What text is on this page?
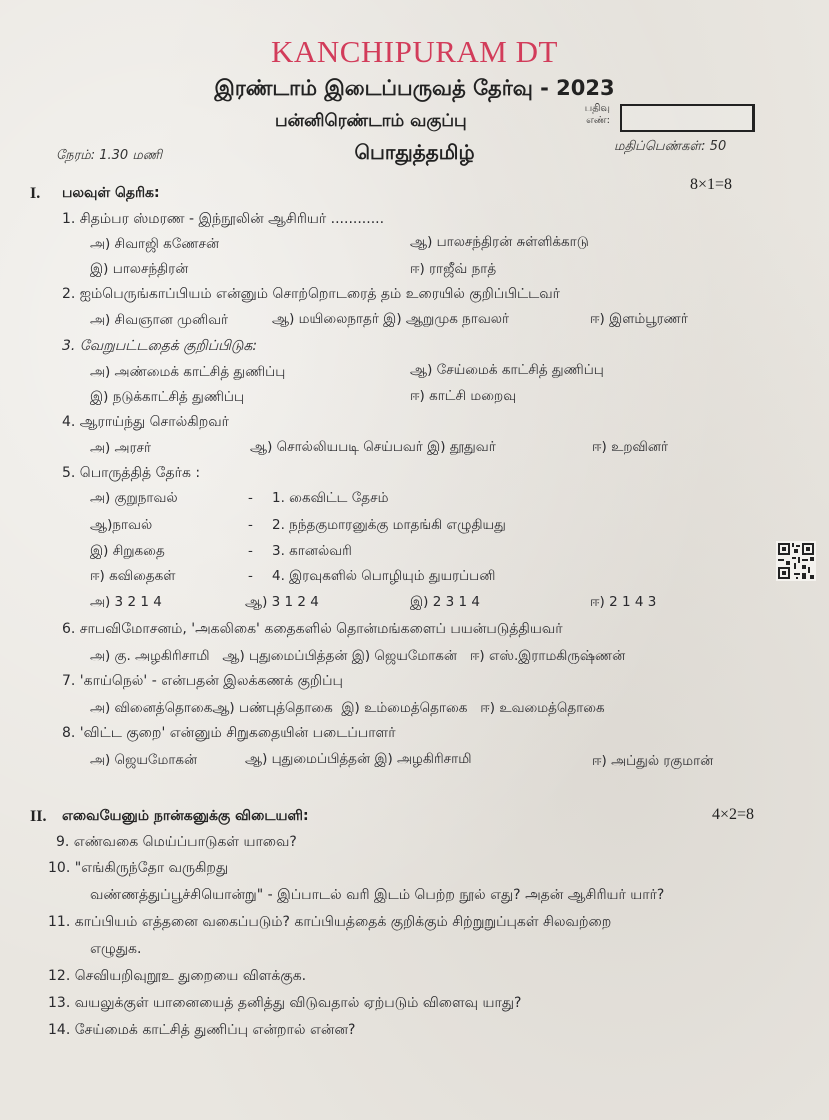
KANCHIPURAM DT
இரண்டாம் இடைப்பருவத் தேர்வு - 2023
பன்னிரெண்டாம் வகுப்பு
பதிவு எண்:
பொதுத்தமிழ்
நேரம்: 1.30 மணி
மதிப்பெண்கள்: 50
I. பலவுள் தெரிக:	8×1=8
1. சிதம்பர ஸ்மரண - இந்நூலின் ஆசிரியர் ............
அ) சிவாஜி கணேசன்	ஆ) பாலசந்திரன் சுள்ளிக்காடு
இ) பாலசந்திரன்	ஈ) ராஜீவ் நாத்
2. ஐம்பெருங்காப்பியம் என்னும் சொற்றொடரைத் தம் உரையில் குறிப்பிட்டவர்
அ) சிவஞான முனிவர்	ஆ) மயிலைநாதர் இ) ஆறுமுக நாவலர்	ஈ) இளம்பூரணர்
3. வேறுபட்டதைக் குறிப்பிடுக:
அ) அண்மைக் காட்சித் துணிப்பு	ஆ) சேய்மைக் காட்சித் துணிப்பு
இ) நடுக்காட்சித் துணிப்பு	ஈ) காட்சி மறைவு
4. ஆராய்ந்து சொல்கிறவர்
அ) அரசர்	ஆ) சொல்லியபடி செய்பவர் இ) தூதுவர்	ஈ) உறவினர்
5. பொருத்தித் தேர்க :
அ) குறுநாவல்	- 1. கைவிட்ட தேசம்
ஆ)நாவல்	- 2. நந்தகுமாரனுக்கு மாதங்கி எழுதியது
இ) சிறுகதை	- 3. கானல்வரி
ஈ) கவிதைகள்	- 4. இரவுகளில் பொழியும் துயரப்பனி
அ) 3 2 1 4	ஆ) 3 1 2 4	இ) 2 3 1 4	ஈ) 2 1 4 3
6. சாபவிமோசனம், 'அகலிகை' கதைகளில் தொன்மங்களைப் பயன்படுத்தியவர்
அ) கு. அழகிரிசாமி   ஆ) புதுமைப்பித்தன் இ) ஜெயமோகன்   ஈ) எஸ்.இராமகிருஷ்ணன்
7. 'காய்நெல்' - என்பதன் இலக்கணக் குறிப்பு
அ) வினைத்தொகைஆ) பண்புத்தொகை  இ) உம்மைத்தொகை   ஈ) உவமைத்தொகை
8. 'விட்ட குறை' என்னும் சிறுகதையின் படைப்பாளர்
அ) ஜெயமோகன்	ஆ) புதுமைப்பித்தன் இ) அழகிரிசாமி	ஈ) அப்துல் ரகுமான்
II. எவையேனும் நான்கனுக்கு விடையளி:	4×2=8
9. எண்வகை மெய்ப்பாடுகள் யாவை?
10. "எங்கிருந்தோ வருகிறது
வண்ணத்துப்பூச்சியொன்று" - இப்பாடல் வரி இடம் பெற்ற நூல் எது? அதன் ஆசிரியர் யார்?
11. காப்பியம் எத்தனை வகைப்படும்? காப்பியத்தைக் குறிக்கும் சிற்றுறுப்புகள் சிலவற்றை
எழுதுக.
12. செவியறிவுறூஉ துறையை விளக்குக.
13. வயலுக்குள் யானையைத் தனித்து விடுவதால் ஏற்படும் விளைவு யாது?
14. சேய்மைக் காட்சித் துணிப்பு என்றால் என்ன?
